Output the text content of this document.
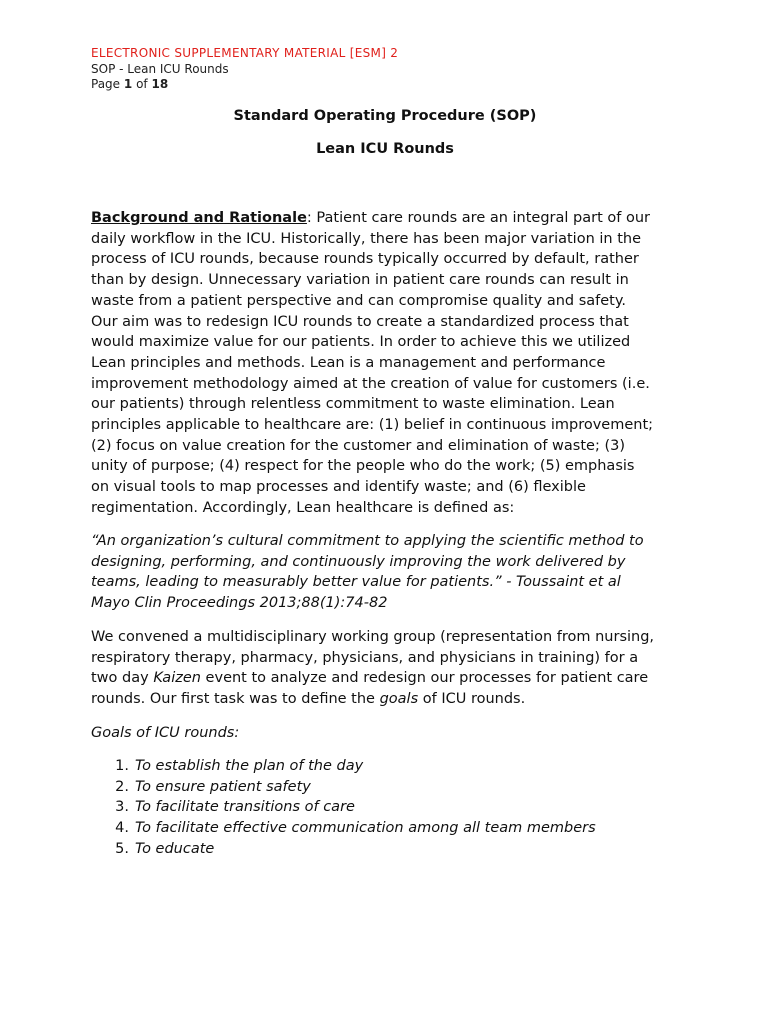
ELECTRONIC SUPPLEMENTARY MATERIAL [ESM] 2
SOP - Lean ICU Rounds
Page 1 of 18
Standard Operating Procedure (SOP)
Lean ICU Rounds
Background and Rationale: Patient care rounds are an integral part of our
daily workflow in the ICU. Historically, there has been major variation in the
process of ICU rounds, because rounds typically occurred by default, rather
than by design. Unnecessary variation in patient care rounds can result in
waste from a patient perspective and can compromise quality and safety.
Our aim was to redesign ICU rounds to create a standardized process that
would maximize value for our patients. In order to achieve this we utilized
Lean principles and methods. Lean is a management and performance
improvement methodology aimed at the creation of value for customers (i.e.
our patients) through relentless commitment to waste elimination. Lean
principles applicable to healthcare are: (1) belief in continuous improvement;
(2) focus on value creation for the customer and elimination of waste; (3)
unity of purpose; (4) respect for the people who do the work; (5) emphasis
on visual tools to map processes and identify waste; and (6) flexible
regimentation. Accordingly, Lean healthcare is defined as:
“An organization’s cultural commitment to applying the scientific method to
designing, performing, and continuously improving the work delivered by
teams, leading to measurably better value for patients.” - Toussaint et al
Mayo Clin Proceedings 2013;88(1):74-82
We convened a multidisciplinary working group (representation from nursing,
respiratory therapy, pharmacy, physicians, and physicians in training) for a
two day Kaizen event to analyze and redesign our processes for patient care
rounds. Our first task was to define the goals of ICU rounds.
Goals of ICU rounds:
1. To establish the plan of the day
2. To ensure patient safety
3. To facilitate transitions of care
4. To facilitate effective communication among all team members
5. To educate
